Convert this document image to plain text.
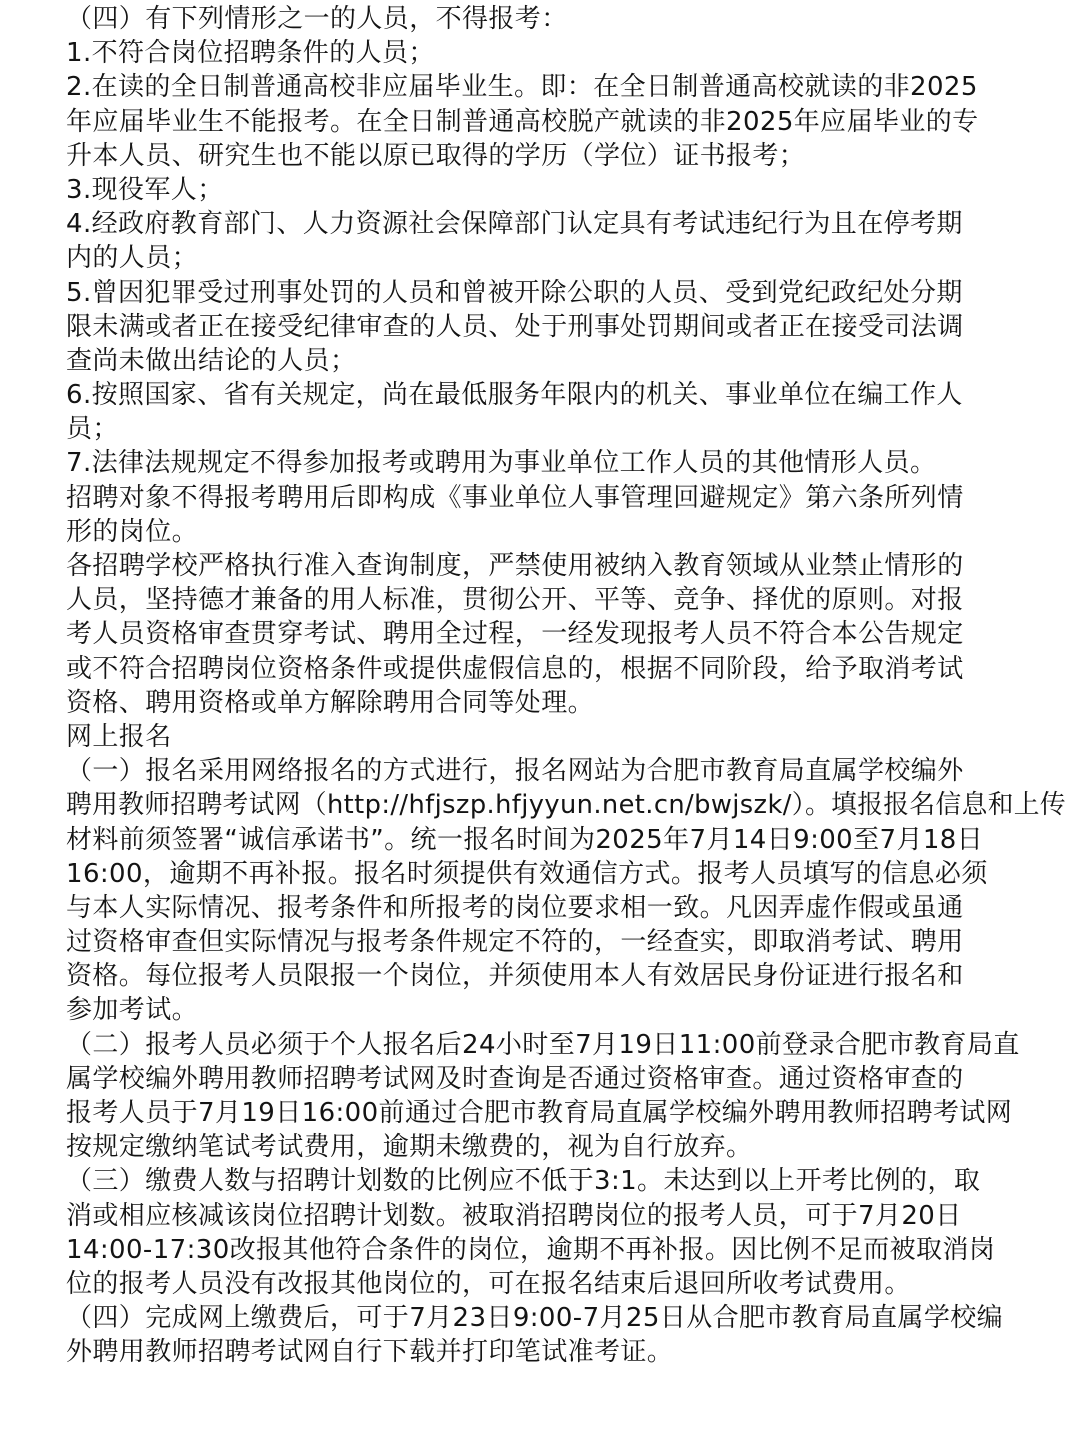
（四）有下列情形之一的人员，不得报考：
1.不符合岗位招聘条件的人员；
2.在读的全日制普通高校非应届毕业生。即：在全日制普通高校就读的非2025
年应届毕业生不能报考。在全日制普通高校脱产就读的非2025年应届毕业的专
升本人员、研究生也不能以原已取得的学历（学位）证书报考；
3.现役军人；
4.经政府教育部门、人力资源社会保障部门认定具有考试违纪行为且在停考期
内的人员；
5.曾因犯罪受过刑事处罚的人员和曾被开除公职的人员、受到党纪政纪处分期
限未满或者正在接受纪律审查的人员、处于刑事处罚期间或者正在接受司法调
查尚未做出结论的人员；
6.按照国家、省有关规定，尚在最低服务年限内的机关、事业单位在编工作人
员；
7.法律法规规定不得参加报考或聘用为事业单位工作人员的其他情形人员。
招聘对象不得报考聘用后即构成《事业单位人事管理回避规定》第六条所列情
形的岗位。
各招聘学校严格执行准入查询制度，严禁使用被纳入教育领域从业禁止情形的
人员，坚持德才兼备的用人标准，贯彻公开、平等、竞争、择优的原则。对报
考人员资格审查贯穿考试、聘用全过程，一经发现报考人员不符合本公告规定
或不符合招聘岗位资格条件或提供虚假信息的，根据不同阶段，给予取消考试
资格、聘用资格或单方解除聘用合同等处理。
网上报名
（一）报名采用网络报名的方式进行，报名网站为合肥市教育局直属学校编外
聘用教师招聘考试网（http://hfjszp.hfjyyun.net.cn/bwjszk/）。填报报名信息和上传
材料前须签署“诚信承诺书”。统一报名时间为2025年7月14日9:00至7月18日
16:00，逾期不再补报。报名时须提供有效通信方式。报考人员填写的信息必须
与本人实际情况、报考条件和所报考的岗位要求相一致。凡因弄虚作假或虽通
过资格审查但实际情况与报考条件规定不符的，一经查实，即取消考试、聘用
资格。每位报考人员限报一个岗位，并须使用本人有效居民身份证进行报名和
参加考试。
（二）报考人员必须于个人报名后24小时至7月19日11:00前登录合肥市教育局直
属学校编外聘用教师招聘考试网及时查询是否通过资格审查。通过资格审查的
报考人员于7月19日16:00前通过合肥市教育局直属学校编外聘用教师招聘考试网
按规定缴纳笔试考试费用，逾期未缴费的，视为自行放弃。
（三）缴费人数与招聘计划数的比例应不低于3:1。未达到以上开考比例的，取
消或相应核减该岗位招聘计划数。被取消招聘岗位的报考人员，可于7月20日
14:00-17:30改报其他符合条件的岗位，逾期不再补报。因比例不足而被取消岗
位的报考人员没有改报其他岗位的，可在报名结束后退回所收考试费用。
（四）完成网上缴费后，可于7月23日9:00-7月25日从合肥市教育局直属学校编
外聘用教师招聘考试网自行下载并打印笔试准考证。
